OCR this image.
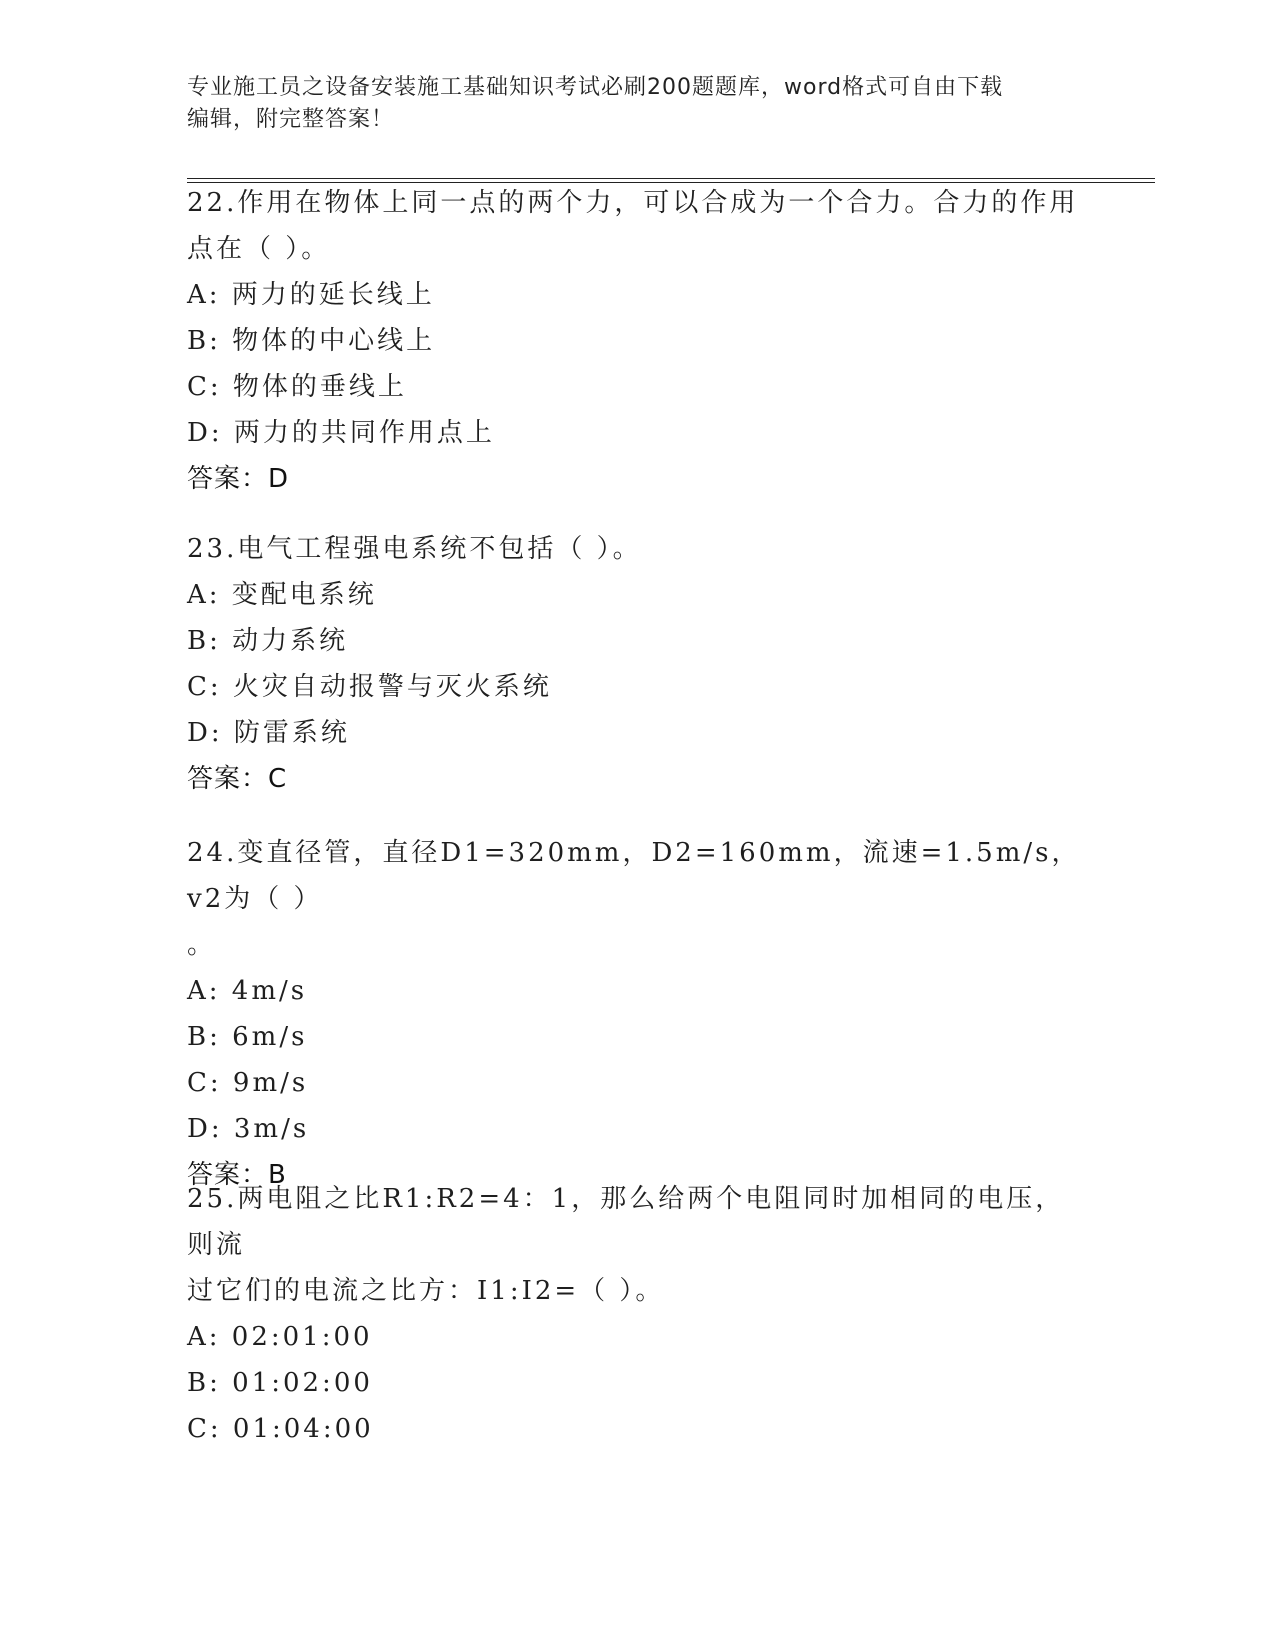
专业施工员之设备安装施工基础知识考试必刷200题题库，word格式可自由下载
编辑，附完整答案！
22.作用在物体上同一点的两个力，可以合成为一个合力。合力的作用
点在（ ）。
A: 两力的延长线上
B: 物体的中心线上
C: 物体的垂线上
D: 两力的共同作用点上
答案：D
23.电气工程强电系统不包括（ ）。
A: 变配电系统
B: 动力系统
C: 火灾自动报警与灭火系统
D: 防雷系统
答案：C
24.变直径管，直径D1=320mm，D2=160mm，流速=1.5m/s，v2为（ ）
。
A: 4m/s
B: 6m/s
C: 9m/s
D: 3m/s
答案：B
25.两电阻之比R1:R2=4：1，那么给两个电阻同时加相同的电压，则流
过它们的电流之比方：I1:I2=（ ）。
A: 02:01:00
B: 01:02:00
C: 01:04:00
